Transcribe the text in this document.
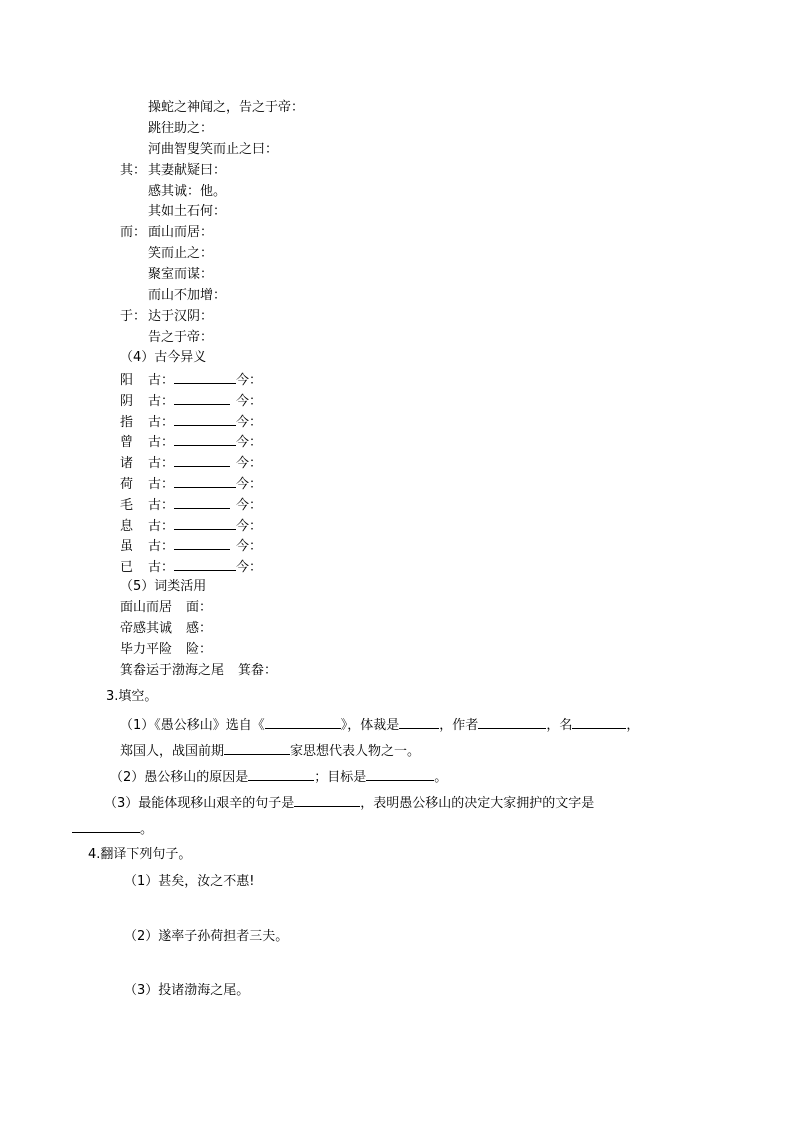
操蛇之神闻之，告之于帝：
跳往助之：
河曲智叟笑而止之曰：
其： 其妻献疑曰：
感其诚：他。
其如土石何：
而： 面山而居：
笑而止之：
聚室而谋：
而山不加增：
于： 达于汉阴：
告之于帝：
（4）古今异义
阳 古：	今：
阴 古：	今：
指 古：	今：
曾 古：	今：
诸 古：	今：
荷 古：	今：
毛 古：	今：
息 古：	今：
虽 古：	今：
已 古：	今：
（5）词类活用
面山而居 面：
帝感其诚 感：
毕力平险 险：
箕畚运于渤海之尾 箕畚：
3.填空。
（1）《愚公移山》选自《	》，体裁是	，作者	，名	，
郑国人，战国前期	家思想代表人物之一。
（2）愚公移山的原因是	；目标是	。
（3）最能体现移山艰辛的句子是	，表明愚公移山的决定大家拥护的文字是
。
4.翻译下列句子。
（1）甚矣，汝之不惠!
（2）遂率子孙荷担者三夫。
（3）投诸渤海之尾。
